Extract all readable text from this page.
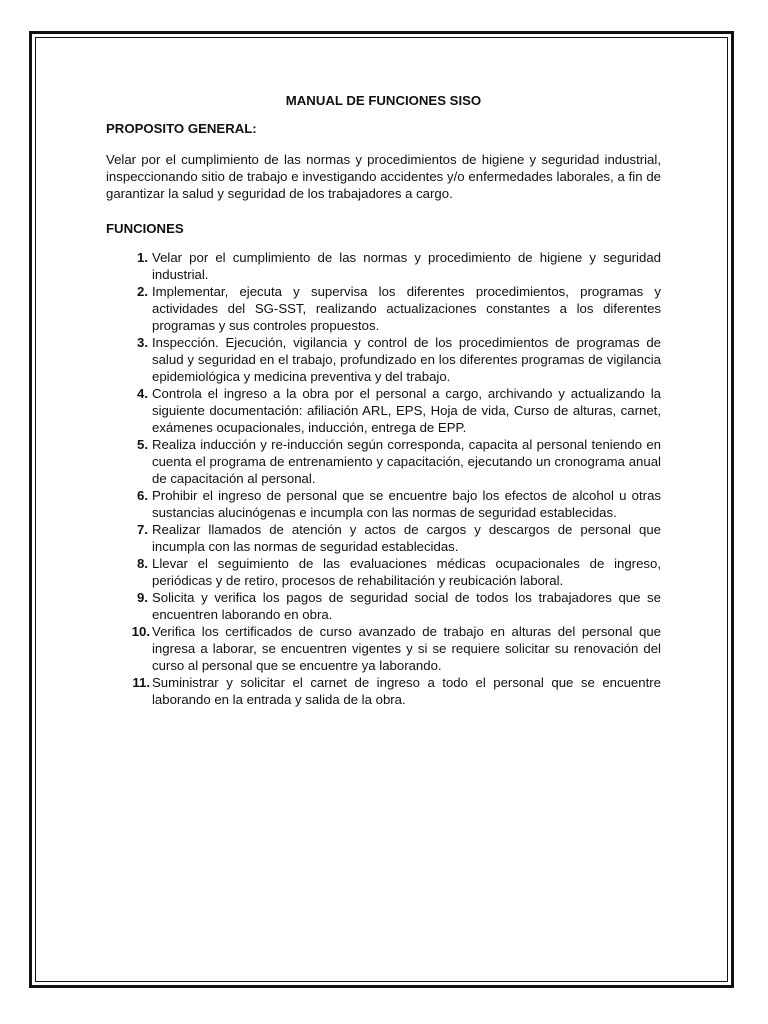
MANUAL DE FUNCIONES SISO
PROPOSITO GENERAL:
Velar por el cumplimiento de las normas y procedimientos de higiene y seguridad industrial, inspeccionando sitio de trabajo e investigando accidentes y/o enfermedades laborales, a fin de garantizar la salud y seguridad de los trabajadores a cargo.
FUNCIONES
1. Velar por el cumplimiento de las normas y procedimiento de higiene y seguridad industrial.
2. Implementar, ejecuta y supervisa los diferentes procedimientos, programas y actividades del SG-SST, realizando actualizaciones constantes a los diferentes programas y sus controles propuestos.
3. Inspección. Ejecución, vigilancia y control de los procedimientos de programas de salud y seguridad en el trabajo, profundizado en los diferentes programas de vigilancia epidemiológica y medicina preventiva y del trabajo.
4. Controla el ingreso a la obra por el personal a cargo, archivando y actualizando la siguiente documentación: afiliación ARL, EPS, Hoja de vida, Curso de alturas, carnet, exámenes ocupacionales, inducción, entrega de EPP.
5. Realiza inducción y re-inducción según corresponda, capacita al personal teniendo en cuenta el programa de entrenamiento y capacitación, ejecutando un cronograma anual de capacitación al personal.
6. Prohibir el ingreso de personal que se encuentre bajo los efectos de alcohol u otras sustancias alucinógenas e incumpla con las normas de seguridad establecidas.
7. Realizar llamados de atención y actos de cargos y descargos de personal que incumpla con las normas de seguridad establecidas.
8. Llevar el seguimiento de las evaluaciones médicas ocupacionales de ingreso, periódicas y de retiro, procesos de rehabilitación y reubicación laboral.
9. Solicita y verifica los pagos de seguridad social de todos los trabajadores que se encuentren laborando en obra.
10. Verifica los certificados de curso avanzado de trabajo en alturas del personal que ingresa a laborar, se encuentren vigentes y si se requiere solicitar su renovación del curso al personal que se encuentre ya laborando.
11. Suministrar y solicitar el carnet de ingreso a todo el personal que se encuentre laborando en la entrada y salida de la obra.
